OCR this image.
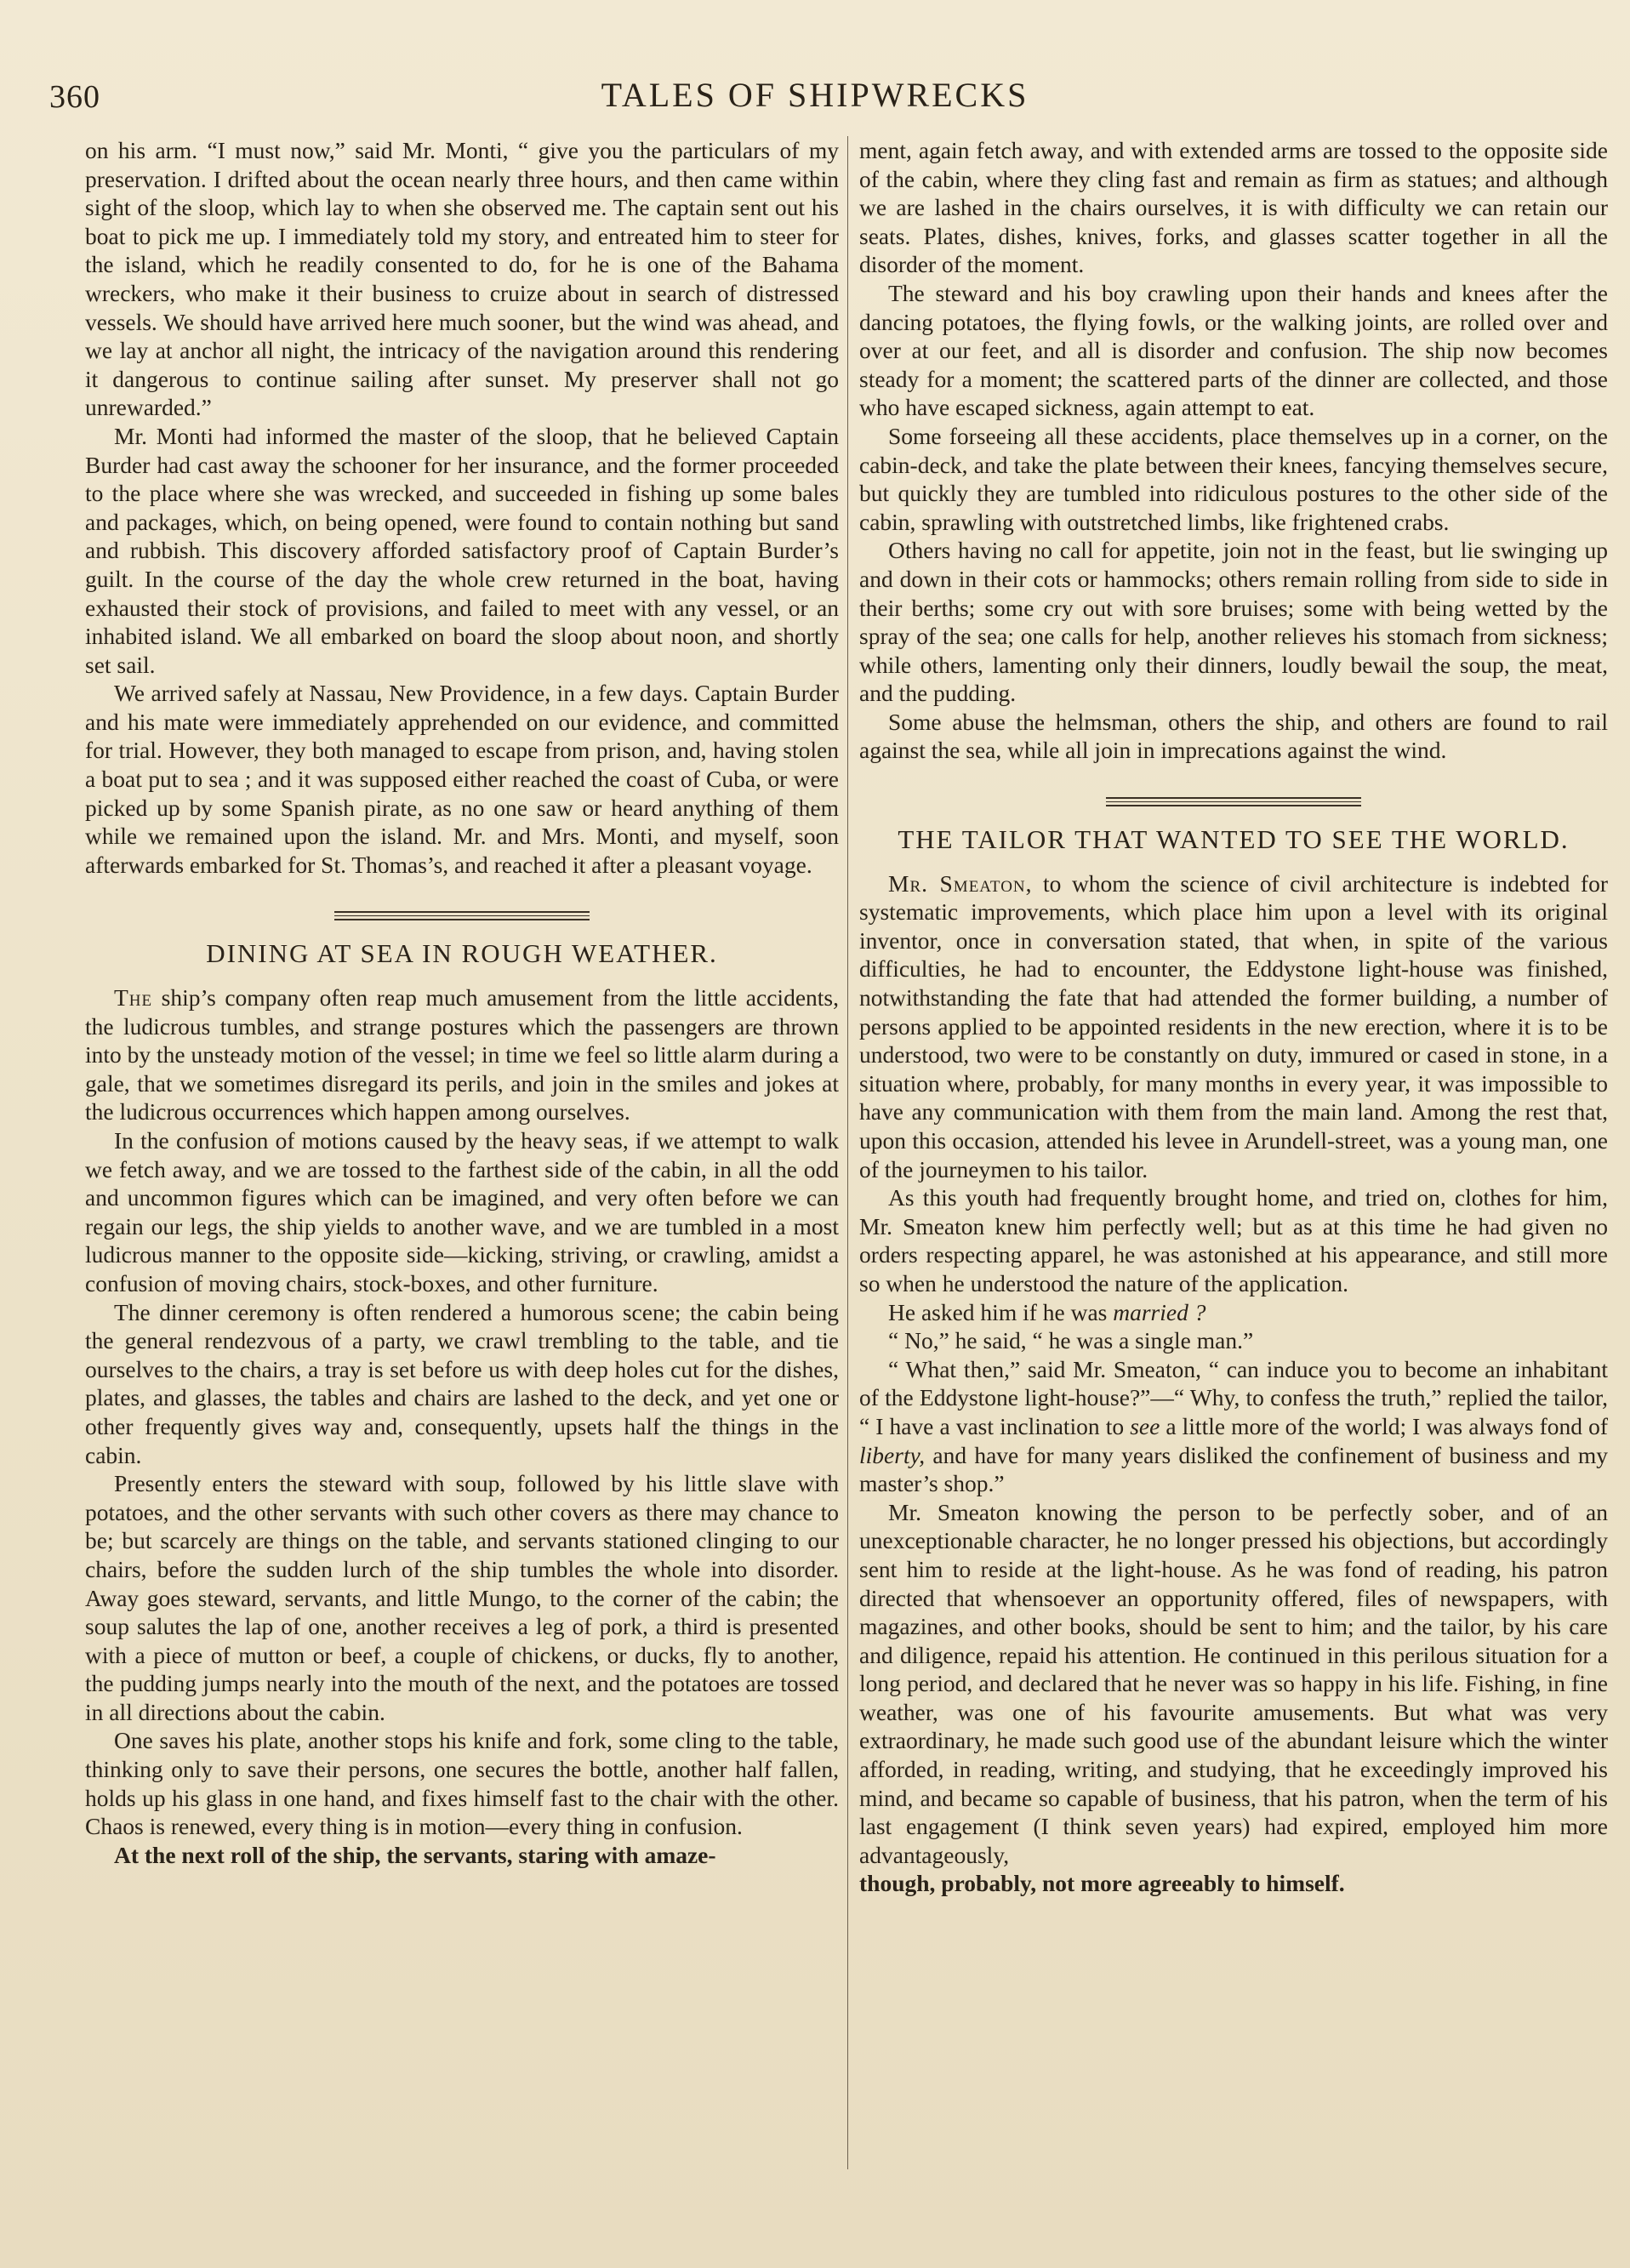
360	TALES OF SHIPWRECKS

on his arm. “I must now,” said Mr. Monti, “ give you the particulars of my preservation. I drifted about the ocean nearly three hours, and then came within sight of the sloop, which lay to when she observed me. The captain sent out his boat to pick me up. I immediately told my story, and entreated him to steer for the island, which he readily consented to do, for he is one of the Bahama wreckers, who make it their business to cruize about in search of distressed vessels. We should have arrived here much sooner, but the wind was ahead, and we lay at anchor all night, the intricacy of the navigation around this rendering it dangerous to continue sailing after sunset. My preserver shall not go unrewarded.”

Mr. Monti had informed the master of the sloop, that he believed Captain Burder had cast away the schooner for her insurance, and the former proceeded to the place where she was wrecked, and succeeded in fishing up some bales and packages, which, on being opened, were found to contain nothing but sand and rubbish. This discovery afforded satisfactory proof of Captain Burder’s guilt. In the course of the day the whole crew returned in the boat, having exhausted their stock of provisions, and failed to meet with any vessel, or an inhabited island. We all embarked on board the sloop about noon, and shortly set sail.

We arrived safely at Nassau, New Providence, in a few days. Captain Burder and his mate were immediately apprehended on our evidence, and committed for trial. However, they both managed to escape from prison, and, having stolen a boat put to sea ; and it was supposed either reached the coast of Cuba, or were picked up by some Spanish pirate, as no one saw or heard anything of them while we remained upon the island. Mr. and Mrs. Monti, and myself, soon afterwards embarked for St. Thomas’s, and reached it after a pleasant voyage.

DINING AT SEA IN ROUGH WEATHER.

The ship’s company often reap much amusement from the little accidents, the ludicrous tumbles, and strange postures which the passengers are thrown into by the unsteady motion of the vessel; in time we feel so little alarm during a gale, that we sometimes disregard its perils, and join in the smiles and jokes at the ludicrous occurrences which happen among ourselves.

In the confusion of motions caused by the heavy seas, if we attempt to walk we fetch away, and we are tossed to the farthest side of the cabin, in all the odd and uncommon figures which can be imagined, and very often before we can regain our legs, the ship yields to another wave, and we are tumbled in a most ludicrous manner to the opposite side—kicking, striving, or crawling, amidst a confusion of moving chairs, stock-boxes, and other furniture.

The dinner ceremony is often rendered a humorous scene; the cabin being the general rendezvous of a party, we crawl trembling to the table, and tie ourselves to the chairs, a tray is set before us with deep holes cut for the dishes, plates, and glasses, the tables and chairs are lashed to the deck, and yet one or other frequently gives way and, consequently, upsets half the things in the cabin.

Presently enters the steward with soup, followed by his little slave with potatoes, and the other servants with such other covers as there may chance to be; but scarcely are things on the table, and servants stationed clinging to our chairs, before the sudden lurch of the ship tumbles the whole into disorder. Away goes steward, servants, and little Mungo, to the corner of the cabin; the soup salutes the lap of one, another receives a leg of pork, a third is presented with a piece of mutton or beef, a couple of chickens, or ducks, fly to another, the pudding jumps nearly into the mouth of the next, and the potatoes are tossed in all directions about the cabin.

One saves his plate, another stops his knife and fork, some cling to the table, thinking only to save their persons, one secures the bottle, another half fallen, holds up his glass in one hand, and fixes himself fast to the chair with the other. Chaos is renewed, every thing is in motion—every thing in confusion.

At the next roll of the ship, the servants, staring with amaze-

ment, again fetch away, and with extended arms are tossed to the opposite side of the cabin, where they cling fast and remain as firm as statues; and although we are lashed in the chairs ourselves, it is with difficulty we can retain our seats. Plates, dishes, knives, forks, and glasses scatter together in all the disorder of the moment.

The steward and his boy crawling upon their hands and knees after the dancing potatoes, the flying fowls, or the walking joints, are rolled over and over at our feet, and all is disorder and confusion. The ship now becomes steady for a moment; the scattered parts of the dinner are collected, and those who have escaped sickness, again attempt to eat.

Some forseeing all these accidents, place themselves up in a corner, on the cabin-deck, and take the plate between their knees, fancying themselves secure, but quickly they are tumbled into ridiculous postures to the other side of the cabin, sprawling with outstretched limbs, like frightened crabs.

Others having no call for appetite, join not in the feast, but lie swinging up and down in their cots or hammocks; others remain rolling from side to side in their berths; some cry out with sore bruises; some with being wetted by the spray of the sea; one calls for help, another relieves his stomach from sickness; while others, lamenting only their dinners, loudly bewail the soup, the meat, and the pudding.

Some abuse the helmsman, others the ship, and others are found to rail against the sea, while all join in imprecations against the wind.

THE TAILOR THAT WANTED TO SEE THE WORLD.

Mr. Smeaton, to whom the science of civil architecture is indebted for systematic improvements, which place him upon a level with its original inventor, once in conversation stated, that when, in spite of the various difficulties, he had to encounter, the Eddystone light-house was finished, notwithstanding the fate that had attended the former building, a number of persons applied to be appointed residents in the new erection, where it is to be understood, two were to be constantly on duty, immured or cased in stone, in a situation where, probably, for many months in every year, it was impossible to have any communication with them from the main land. Among the rest that, upon this occasion, attended his levee in Arundell-street, was a young man, one of the journeymen to his tailor.

As this youth had frequently brought home, and tried on, clothes for him, Mr. Smeaton knew him perfectly well; but as at this time he had given no orders respecting apparel, he was astonished at his appearance, and still more so when he understood the nature of the application.

He asked him if he was married ?

“ No,” he said, “ he was a single man.”

“ What then,” said Mr. Smeaton, “ can induce you to become an inhabitant of the Eddystone light-house?”—“ Why, to confess the truth,” replied the tailor, “ I have a vast inclination to see a little more of the world; I was always fond of liberty, and have for many years disliked the confinement of business and my master’s shop.”

Mr. Smeaton knowing the person to be perfectly sober, and of an unexceptionable character, he no longer pressed his objections, but accordingly sent him to reside at the light-house. As he was fond of reading, his patron directed that whensoever an opportunity offered, files of newspapers, with magazines, and other books, should be sent to him; and the tailor, by his care and diligence, repaid his attention. He continued in this perilous situation for a long period, and declared that he never was so happy in his life. Fishing, in fine weather, was one of his favourite amusements. But what was very extraordinary, he made such good use of the abundant leisure which the winter afforded, in reading, writing, and studying, that he exceedingly improved his mind, and became so capable of business, that his patron, when the term of his last engagement (I think seven years) had expired, employed him more advantageously,

though, probably, not more agreeably to himself.
